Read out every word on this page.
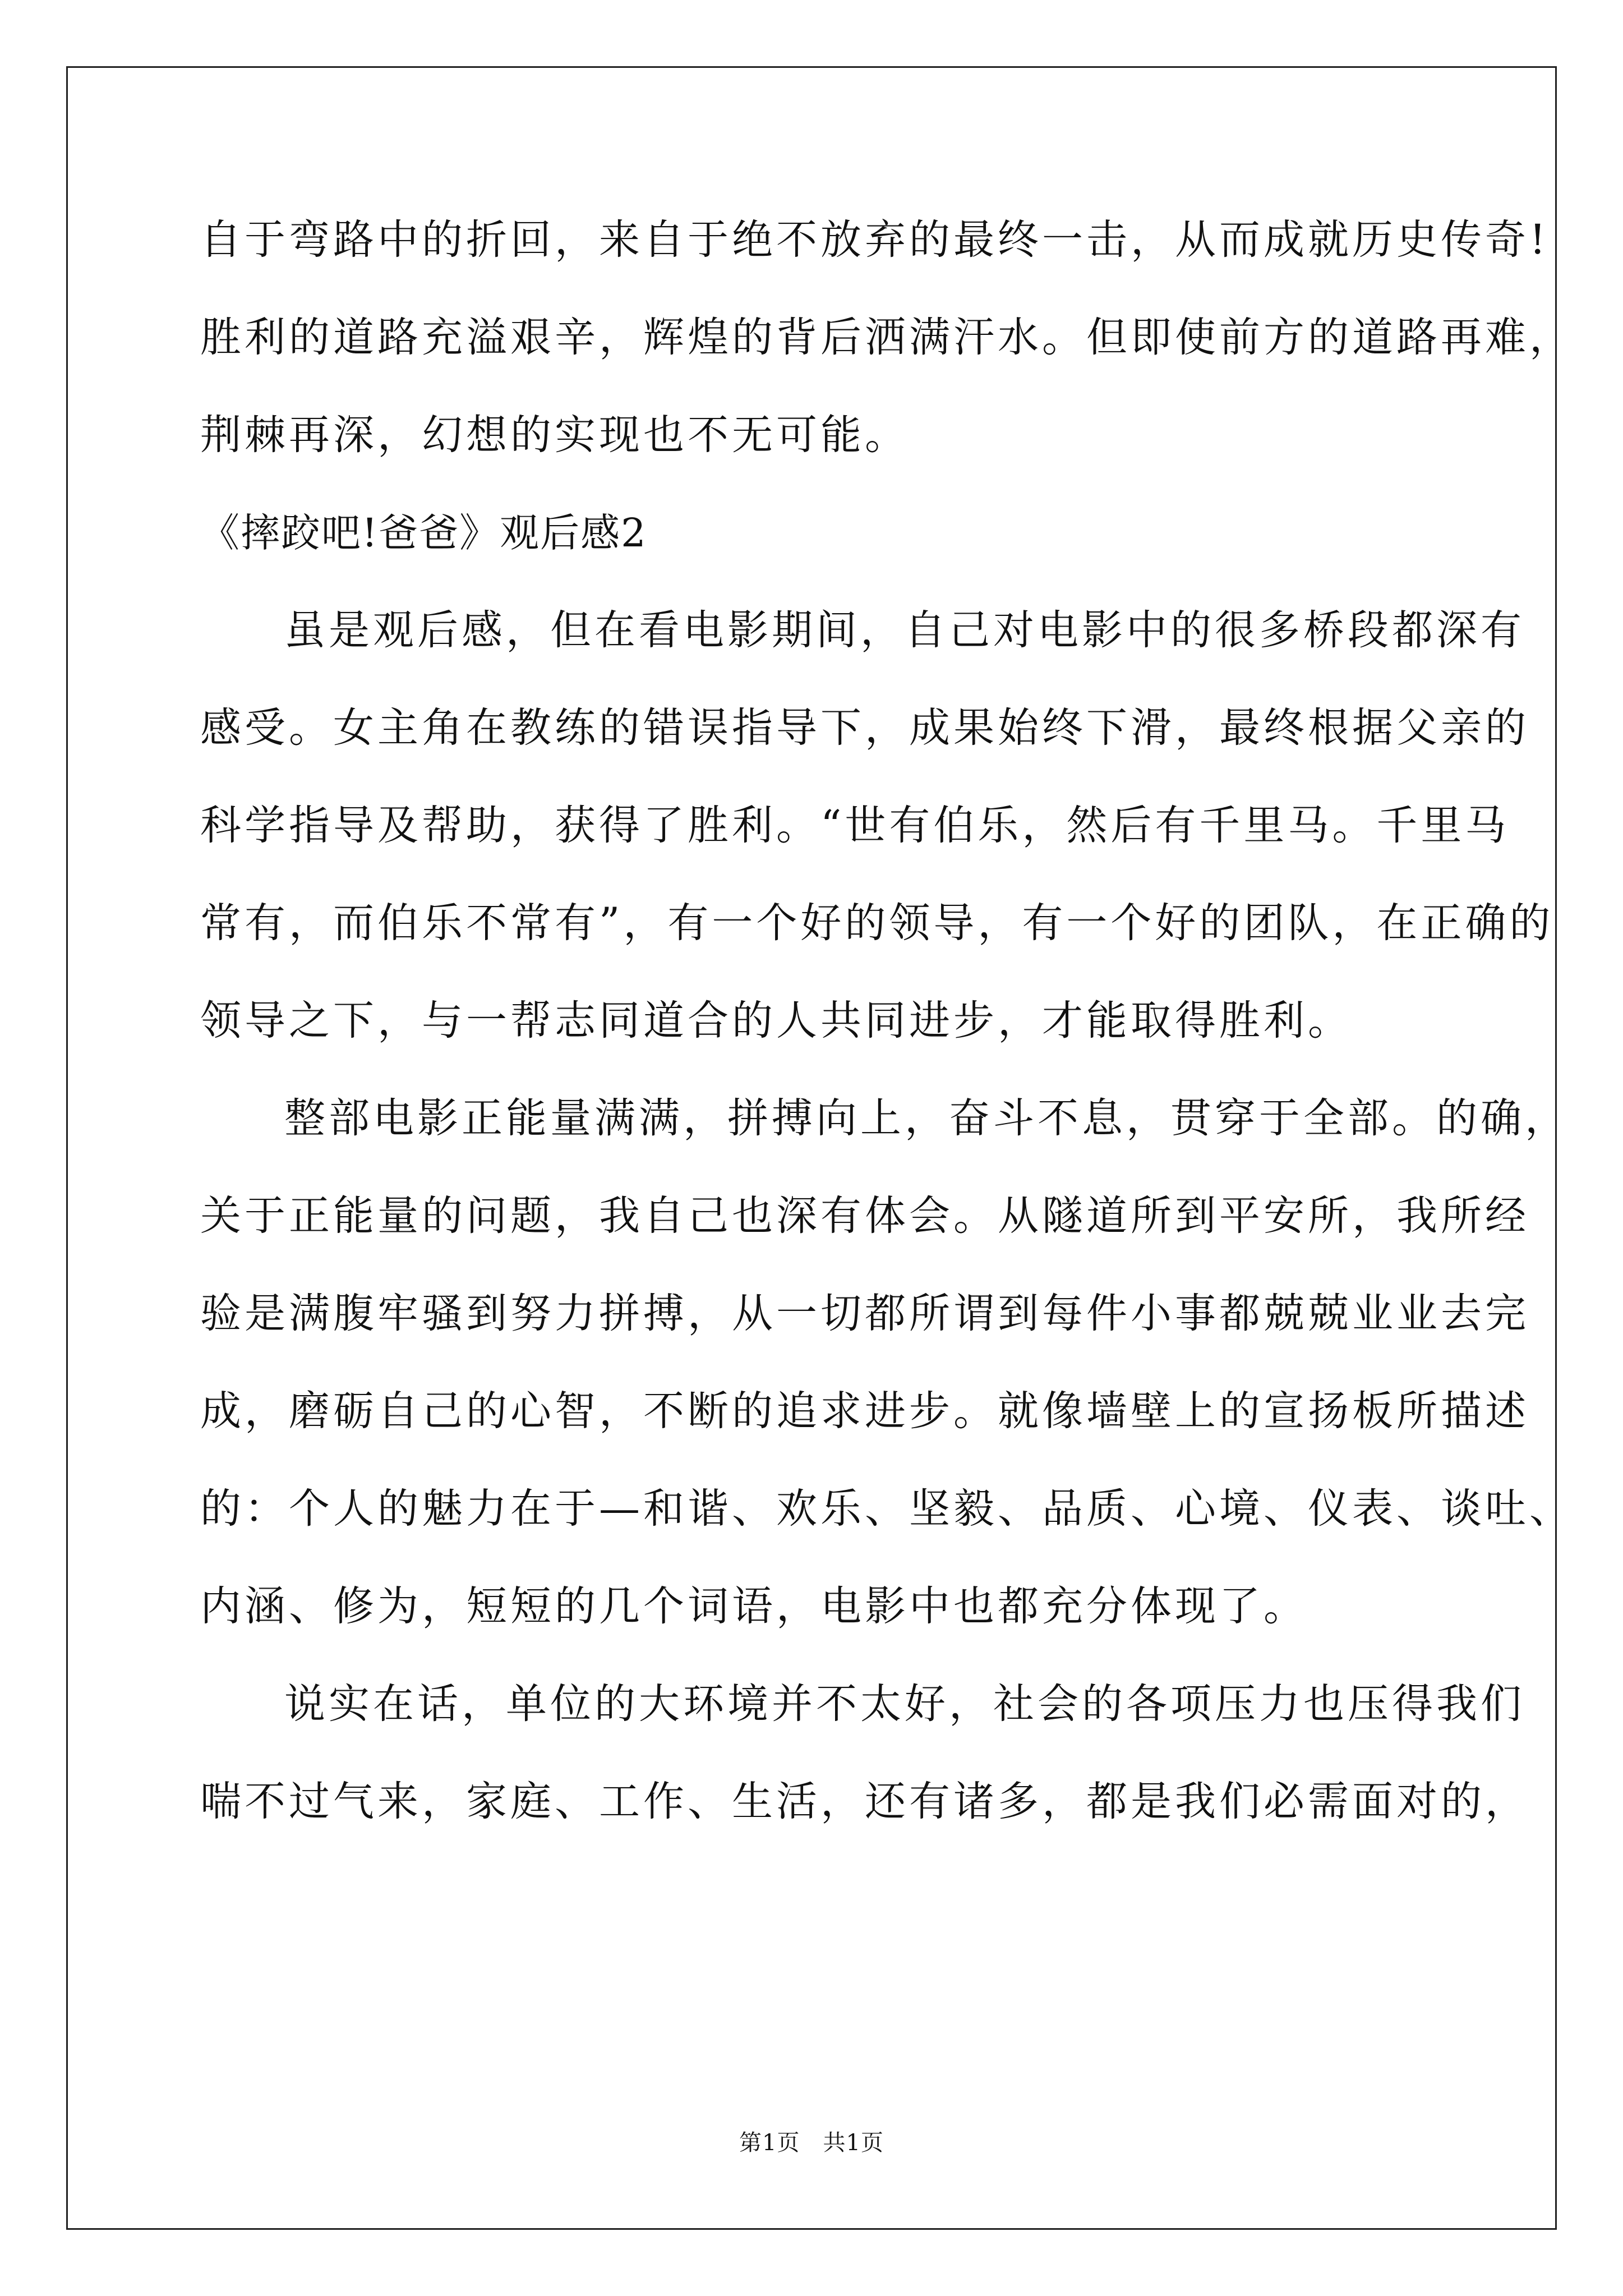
自于弯路中的折回，来自于绝不放弃的最终一击，从而成就历史传奇!

胜利的道路充溢艰辛，辉煌的背后洒满汗水。但即使前方的道路再难，

荆棘再深，幻想的实现也不无可能。

《摔跤吧!爸爸》观后感2

虽是观后感，但在看电影期间，自己对电影中的很多桥段都深有

感受。女主角在教练的错误指导下，成果始终下滑，最终根据父亲的

科学指导及帮助，获得了胜利。“世有伯乐，然后有千里马。千里马

常有，而伯乐不常有”，有一个好的领导，有一个好的团队，在正确的

领导之下，与一帮志同道合的人共同进步，才能取得胜利。

整部电影正能量满满，拼搏向上，奋斗不息，贯穿于全部。的确，

关于正能量的问题，我自己也深有体会。从隧道所到平安所，我所经

验是满腹牢骚到努力拼搏，从一切都所谓到每件小事都兢兢业业去完

成，磨砺自己的心智，不断的追求进步。就像墙壁上的宣扬板所描述

的：个人的魅力在于—和谐、欢乐、坚毅、品质、心境、仪表、谈吐、

内涵、修为，短短的几个词语，电影中也都充分体现了。

说实在话，单位的大环境并不太好，社会的各项压力也压得我们

喘不过气来，家庭、工作、生活，还有诸多，都是我们必需面对的，

第1页　共1页
